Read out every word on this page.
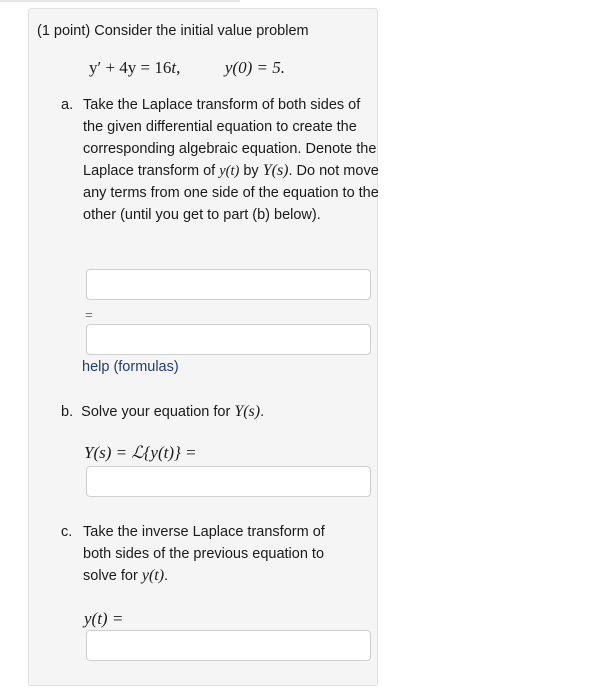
(1 point) Consider the initial value problem
y′ + 4y = 16t,	y(0) = 5.
a. Take the Laplace transform of both sides of the given differential equation to create the corresponding algebraic equation. Denote the Laplace transform of y(t) by Y(s). Do not move any terms from one side of the equation to the other (until you get to part (b) below).
=
help (formulas)
b. Solve your equation for Y(s).
Y(s) = ℒ{y(t)} =
c. Take the inverse Laplace transform of both sides of the previous equation to solve for y(t).
y(t) =
